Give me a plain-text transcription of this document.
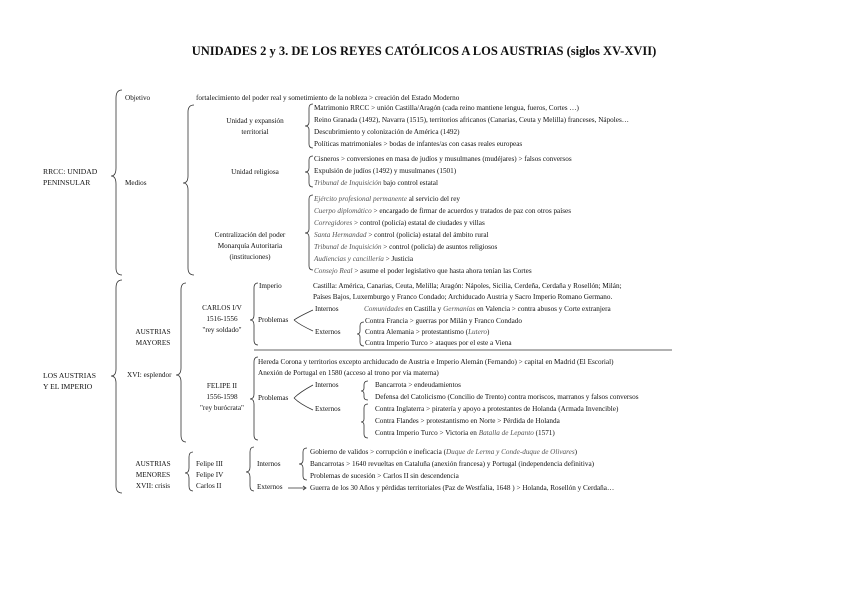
UNIDADES 2 y 3. DE LOS REYES CATÓLICOS A LOS AUSTRIAS (siglos XV-XVII)
RRCC: UNIDAD
PENINSULAR
Objetivo	fortalecimiento del poder real y sometimiento de la nobleza > creación del Estado Moderno
Medios
Unidad y expansión
territorial
Matrimonio RRCC > unión Castilla/Aragón (cada reino mantiene lengua, fueros, Cortes …)
Reino Granada (1492), Navarra (1515), territorios africanos (Canarias, Ceuta y Melilla) franceses, Nápoles…
Descubrimiento y colonización de América (1492)
Políticas matrimoniales > bodas de infantes/as con casas reales europeas
Unidad religiosa
Cisneros > conversiones en masa de judíos y musulmanes (mudéjares) > falsos conversos
Expulsión de judíos (1492) y musulmanes (1501)
Tribunal de Inquisición bajo control estatal
Centralización del poder
Monarquía Autoritaria
(instituciones)
Ejército profesional permanente al servicio del rey
Cuerpo diplomático > encargado de firmar de acuerdos y tratados de paz con otros países
Corregidores > control (policía) estatal de ciudades y villas
Santa Hermandad > control (policía) estatal del ámbito rural
Tribunal de Inquisición > control (policía) de asuntos religiosos
Audiencias y cancillería > Justicia
Consejo Real > asume el poder legislativo que hasta ahora tenían las Cortes
LOS AUSTRIAS
Y EL IMPERIO
XVI: esplendor
AUSTRIAS
MAYORES
CARLOS I/V
1516-1556
"rey soldado"
Imperio	Castilla: América, Canarias, Ceuta, Melilla; Aragón: Nápoles, Sicilia, Cerdeña, Cerdaña y Rosellón; Milán;
Países Bajos, Luxemburgo y Franco Condado; Archiducado Austria y Sacro Imperio Romano Germano.
Problemas
Internos	Comunidades en Castilla y Germanías en Valencia > contra abusos y Corte extranjera
Externos
Contra Francia > guerras por Milán y Franco Condado
Contra Alemania > protestantismo (Lutero)
Contra Imperio Turco > ataques por el este a Viena
Hereda Corona y territorios excepto archiducado de Austria e Imperio Alemán (Fernando) > capital en Madrid (El Escorial)
Anexión de Portugal en 1580 (acceso al trono por vía materna)
FELIPE II
1556-1598
"rey burócrata"
Problemas
Internos
Externos
Bancarrota > endeudamientos
Defensa del Catolicismo (Concilio de Trento) contra moriscos, marranos y falsos conversos
Contra Inglaterra > piratería y apoyo a protestantes de Holanda (Armada Invencible)
Contra Flandes > protestantismo en Norte > Pérdida de Holanda
Contra Imperio Turco > Victoria en Batalla de Lepanto (1571)
AUSTRIAS
MENORES
XVII: crisis
Felipe III
Felipe IV
Carlos II
Internos
Externos
Gobierno de validos > corrupción e ineficacia (Duque de Lerma y Conde-duque de Olivares)
Bancarrotas > 1640 revueltas en Cataluña (anexión francesa) y Portugal (independencia definitiva)
Problemas de sucesión > Carlos II sin descendencia
Guerra de los 30 Años y pérdidas territoriales (Paz de Westfalia, 1648 ) > Holanda, Rosellón y Cerdaña…
